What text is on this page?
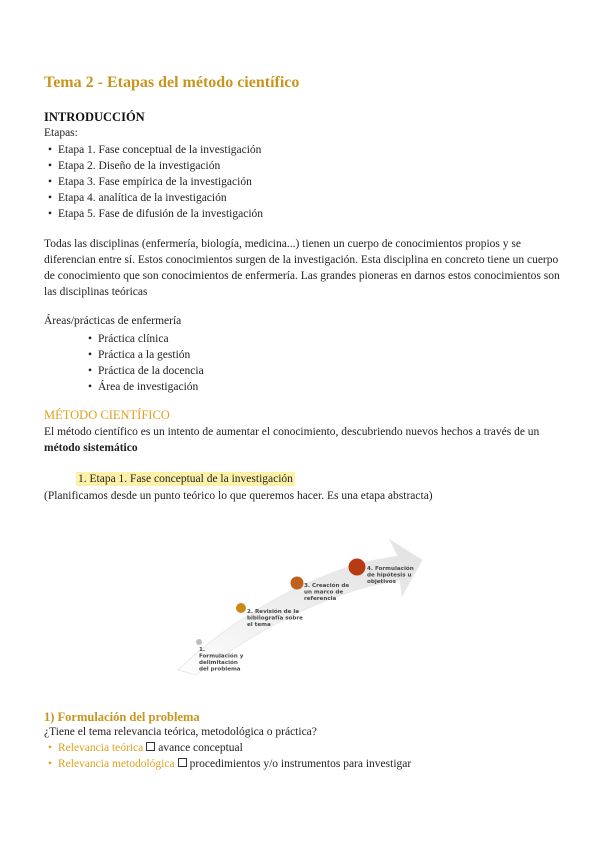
Tema 2 - Etapas del método científico
INTRODUCCIÓN
Etapas:
• Etapa 1. Fase conceptual de la investigación
• Etapa 2. Diseño de la investigación
• Etapa 3. Fase empírica de la investigación
• Etapa 4. analítica de la investigación
• Etapa 5. Fase de difusión de la investigación
Todas las disciplinas (enfermería, biología, medicina...) tienen un cuerpo de conocimientos propios y se diferencian entre sí. Estos conocimientos surgen de la investigación. Esta disciplina en concreto tiene un cuerpo de conocimiento que son conocimientos de enfermería. Las grandes pioneras en darnos estos conocimientos son las disciplinas teóricas
Áreas/prácticas de enfermería
• Práctica clínica
• Práctica a la gestión
• Práctica de la docencia
• Área de investigación
MÉTODO CIENTÍFICO
El método científico es un intento de aumentar el conocimiento, descubriendo nuevos hechos a través de un
método sistemático
1. Etapa 1. Fase conceptual de la investigación
(Planificamos desde un punto teórico lo que queremos hacer. Es una etapa abstracta)
1. Formulación y delimitación del problema
2. Revisión de la bibliografía sobre el tema
3. Creación de un marco de referencia
4. Formulación de hipótesis u objetivos
1) Formulación del problema
¿Tiene el tema relevancia teórica, metodológica o práctica?
• Relevancia teórica avance conceptual
• Relevancia metodológica procedimientos y/o instrumentos para investigar
